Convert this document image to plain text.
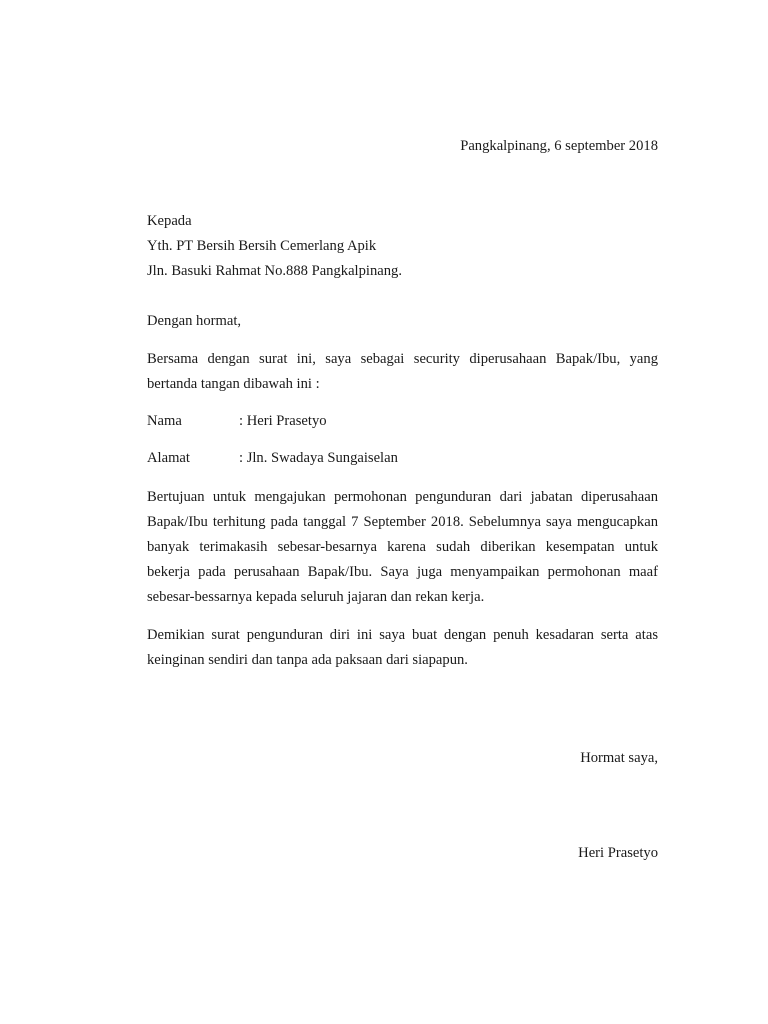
Pangkalpinang, 6 september 2018

Kepada

Yth. PT Bersih Bersih Cemerlang Apik

Jln. Basuki Rahmat No.888 Pangkalpinang.

Dengan hormat,

Bersama dengan surat ini, saya sebagai security diperusahaan Bapak/Ibu, yang bertanda tangan dibawah ini :

Nama	: Heri Prasetyo

Alamat	: Jln. Swadaya Sungaiselan

Bertujuan untuk mengajukan permohonan pengunduran dari jabatan diperusahaan Bapak/Ibu terhitung pada tanggal 7 September 2018. Sebelumnya saya mengucapkan banyak terimakasih sebesar-besarnya karena sudah diberikan kesempatan untuk bekerja pada perusahaan Bapak/Ibu. Saya juga menyampaikan permohonan maaf sebesar-bessarnya kepada seluruh jajaran dan rekan kerja.

Demikian surat pengunduran diri ini saya buat dengan penuh kesadaran serta atas keinginan sendiri dan tanpa ada paksaan dari siapapun.

Hormat saya,

Heri Prasetyo
